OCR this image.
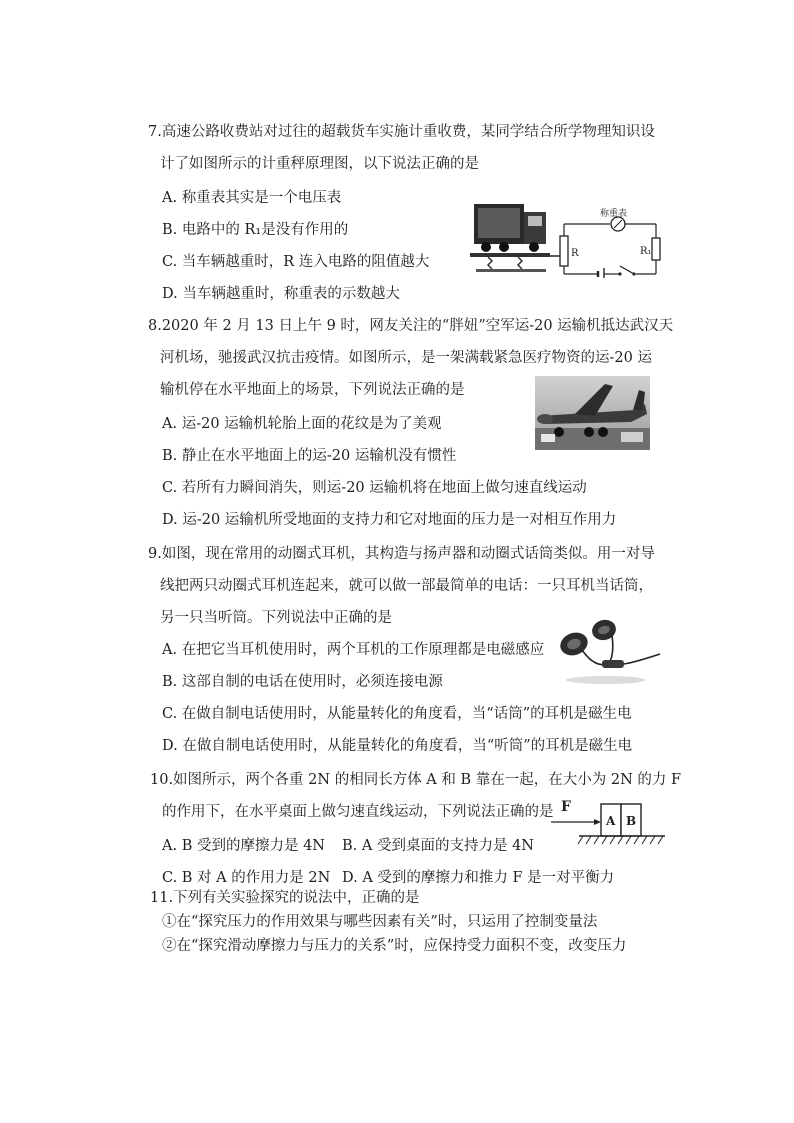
7.高速公路收费站对过往的超载货车实施计重收费，某同学结合所学物理知识设
计了如图所示的计重秤原理图，以下说法正确的是
A. 称重表其实是一个电压表
B. 电路中的 R₁是没有作用的
C. 当车辆越重时，R 连入电路的阻值越大
D. 当车辆越重时，称重表的示数越大
称重表
R	R₁
8.2020 年 2 月 13 日上午 9 时，网友关注的“胖妞”空军运-20 运输机抵达武汉天
河机场，驰援武汉抗击疫情。如图所示，是一架满载紧急医疗物资的运-20 运
输机停在水平地面上的场景，下列说法正确的是
A. 运-20 运输机轮胎上面的花纹是为了美观
B. 静止在水平地面上的运-20 运输机没有惯性
C. 若所有力瞬间消失，则运-20 运输机将在地面上做匀速直线运动
D. 运-20 运输机所受地面的支持力和它对地面的压力是一对相互作用力
9.如图，现在常用的动圈式耳机，其构造与扬声器和动圈式话筒类似。用一对导
线把两只动圈式耳机连起来，就可以做一部最简单的电话：一只耳机当话筒，
另一只当听筒。下列说法中正确的是
A. 在把它当耳机使用时，两个耳机的工作原理都是电磁感应
B. 这部自制的电话在使用时，必须连接电源
C. 在做自制电话使用时，从能量转化的角度看，当“话筒”的耳机是磁生电
D. 在做自制电话使用时，从能量转化的角度看，当“听筒”的耳机是磁生电
10.如图所示，两个各重 2N 的相同长方体 A 和 B 靠在一起，在大小为 2N 的力 F
的作用下，在水平桌面上做匀速直线运动，下列说法正确的是
A. B 受到的摩擦力是 4N B. A 受到桌面的支持力是 4N
C. B 对 A 的作用力是 2N D. A 受到的摩擦力和推力 F 是一对平衡力
F
A B
11.下列有关实验探究的说法中，正确的是
①在“探究压力的作用效果与哪些因素有关”时，只运用了控制变量法
②在“探究滑动摩擦力与压力的关系”时，应保持受力面积不变，改变压力
